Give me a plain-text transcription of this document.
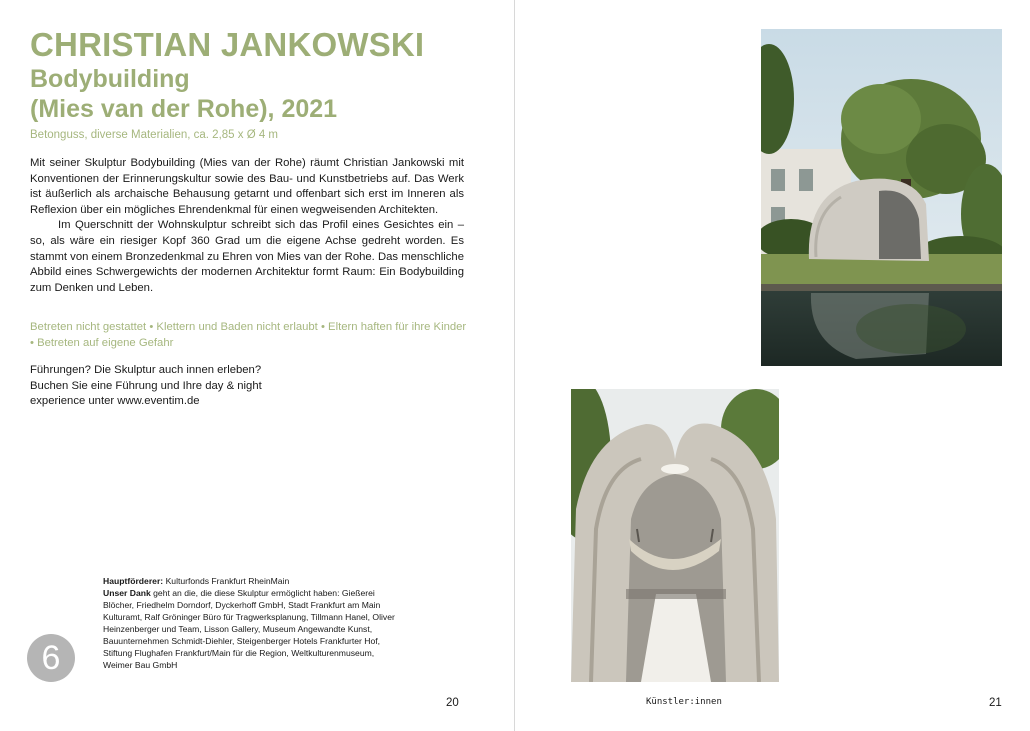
CHRISTIAN JANKOWSKI
Bodybuilding
(Mies van der Rohe), 2021

Betonguss, diverse Materialien, ca. 2,85 x Ø 4 m

Mit seiner Skulptur Bodybuilding (Mies van der Rohe) räumt Christian Jankowski mit Konventionen der Erinnerungskultur sowie des Bau- und Kunstbetriebs auf. Das Werk ist äußerlich als archaische Behausung getarnt und offenbart sich erst im Inneren als Reflexion über ein mögliches Ehrendenkmal für einen wegweisenden Architekten.
Im Querschnitt der Wohnskulptur schreibt sich das Profil eines Gesichtes ein – so, als wäre ein riesiger Kopf 360 Grad um die eigene Achse gedreht worden. Es stammt von einem Bronzedenkmal zu Ehren von Mies van der Rohe. Das menschliche Abbild eines Schwergewichts der modernen Architektur formt Raum: Ein Bodybuilding zum Denken und Leben.

Betreten nicht gestattet • Klettern und Baden nicht erlaubt • Eltern haften für ihre Kinder • Betreten auf eigene Gefahr

Führungen? Die Skulptur auch innen erleben?
Buchen Sie eine Führung und Ihre day & night
experience unter www.eventim.de

Hauptförderer: Kulturfonds Frankfurt RheinMain
Unser Dank geht an die, die diese Skulptur ermöglicht haben: Gießerei Blöcher, Friedhelm Dorndorf, Dyckerhoff GmbH, Stadt Frankfurt am Main Kulturamt, Ralf Gröninger Büro für Tragwerksplanung, Tillmann Hanel, Oliver Heinzenberger und Team, Lisson Gallery, Museum Angewandte Kunst, Bauunternehmen Schmidt-Diehler, Steigenberger Hotels Frankfurter Hof, Stiftung Flughafen Frankfurt/Main für die Region, Weltkulturenmuseum, Weimer Bau GmbH

6
20	Künstler:innen	21
